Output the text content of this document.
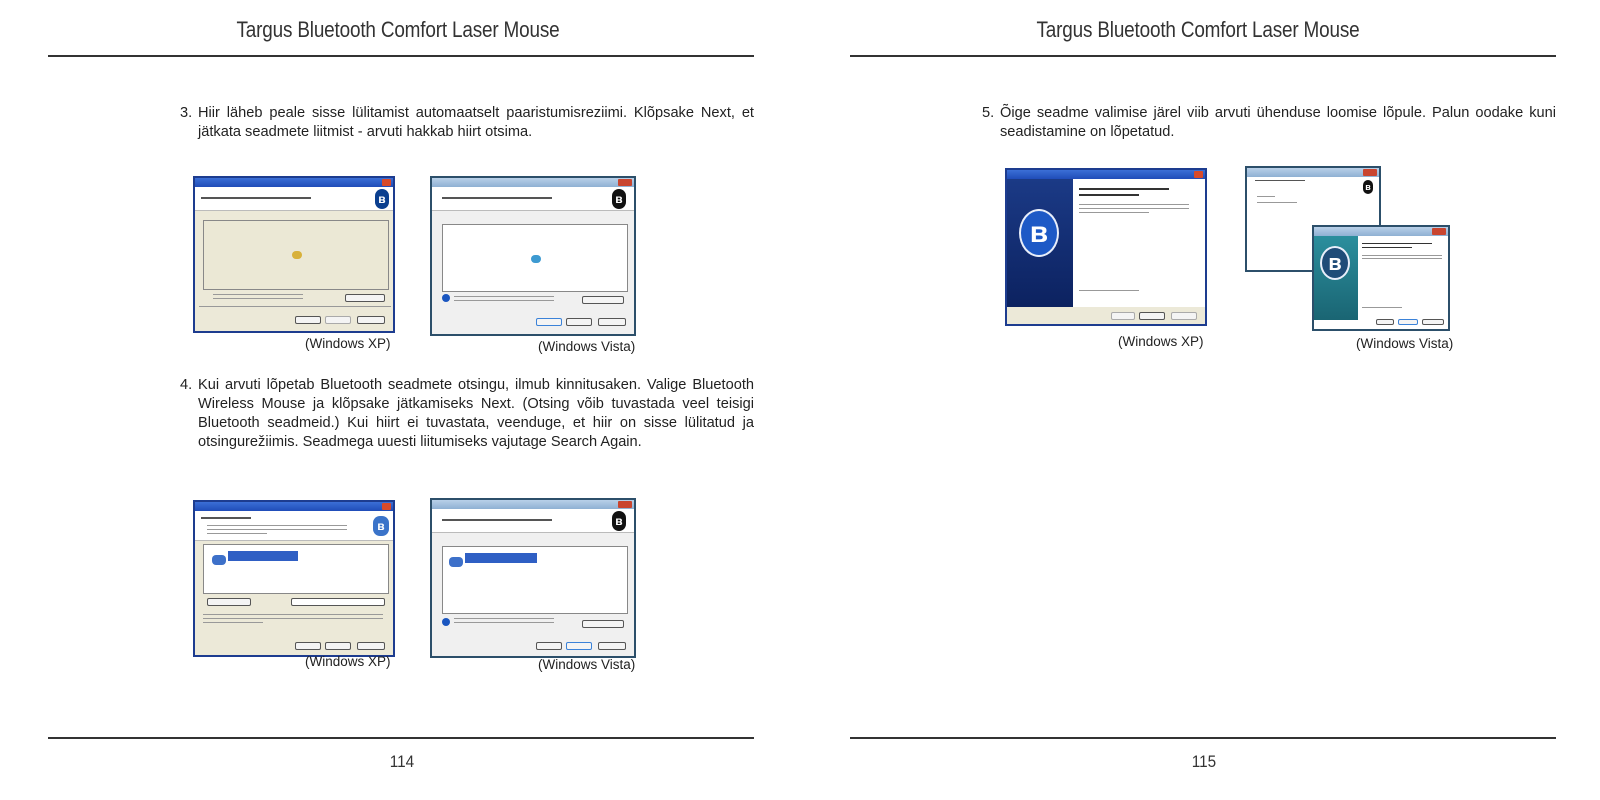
Targus Bluetooth Comfort Laser Mouse
3. Hiir läheb peale sisse lülitamist automaatselt paaristumisreziimi. Klõpsake Next, et jätkata seadmete liitmist - arvuti hakkab hiirt otsima.
ʙ
(Windows XP)
ʙ
(Windows Vista)
4. Kui arvuti lõpetab Bluetooth seadmete otsingu, ilmub kinnitusaken. Valige Bluetooth Wireless Mouse ja klõpsake jätkamiseks Next. (Otsing võib tuvastada veel teisigi Bluetooth seadmeid.) Kui hiirt ei tuvastata, veenduge, et hiir on sisse lülitatud ja otsingurežiimis. Seadmega uuesti liitumiseks vajutage Search Again.
ʙ
(Windows XP)
ʙ
(Windows Vista)
114
Targus Bluetooth Comfort Laser Mouse
5. Õige seadme valimise järel viib arvuti ühenduse loomise lõpule. Palun oodake kuni seadistamine on lõpetatud.
ʙ
(Windows XP)
ʙ
ʙ
(Windows Vista)
115
